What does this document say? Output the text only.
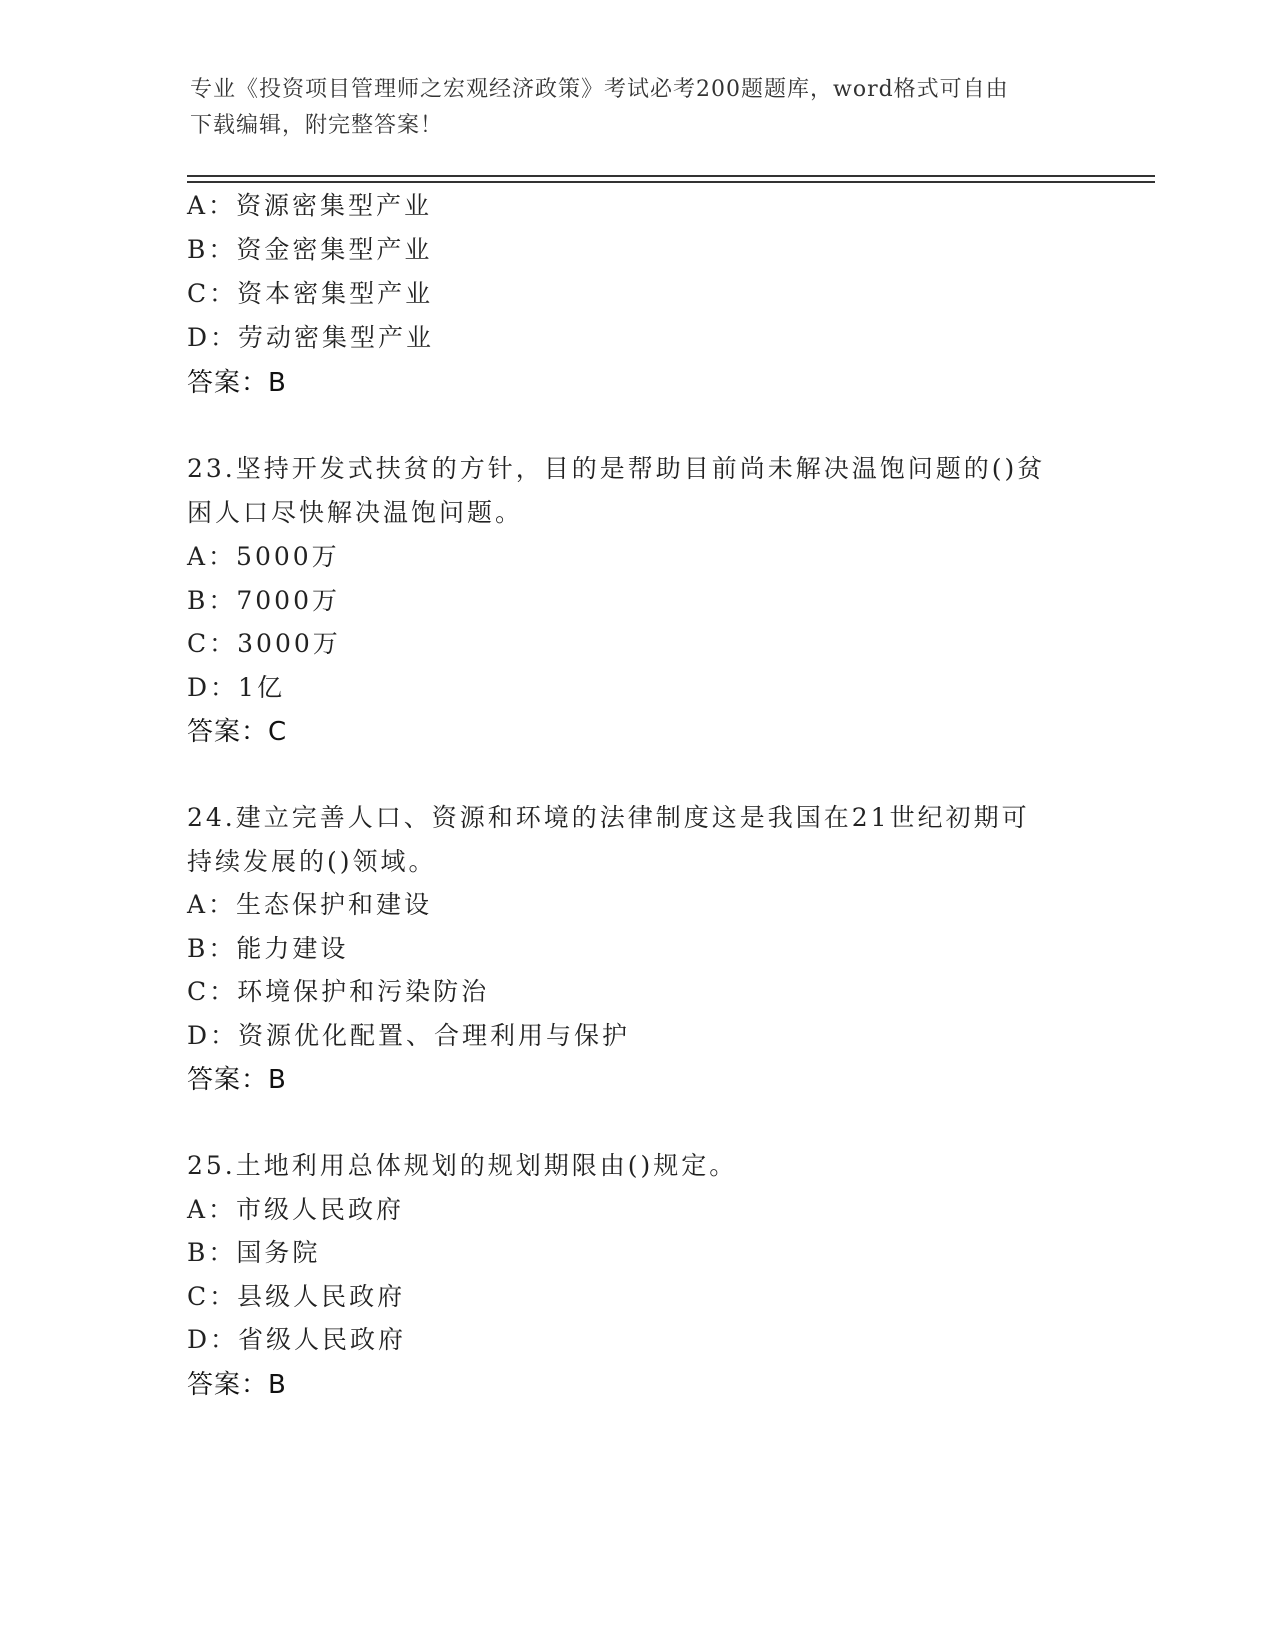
专业《投资项目管理师之宏观经济政策》考试必考200题题库，word格式可自由
下载编辑，附完整答案！
A：资源密集型产业
B：资金密集型产业
C：资本密集型产业
D：劳动密集型产业
答案：B
23.坚持开发式扶贫的方针，目的是帮助目前尚未解决温饱问题的()贫
困人口尽快解决温饱问题。
A：5000万
B：7000万
C：3000万
D：1亿
答案：C
24.建立完善人口、资源和环境的法律制度这是我国在21世纪初期可
持续发展的()领域。
A：生态保护和建设
B：能力建设
C：环境保护和污染防治
D：资源优化配置、合理利用与保护
答案：B
25.土地利用总体规划的规划期限由()规定。
A：市级人民政府
B：国务院
C：县级人民政府
D：省级人民政府
答案：B
